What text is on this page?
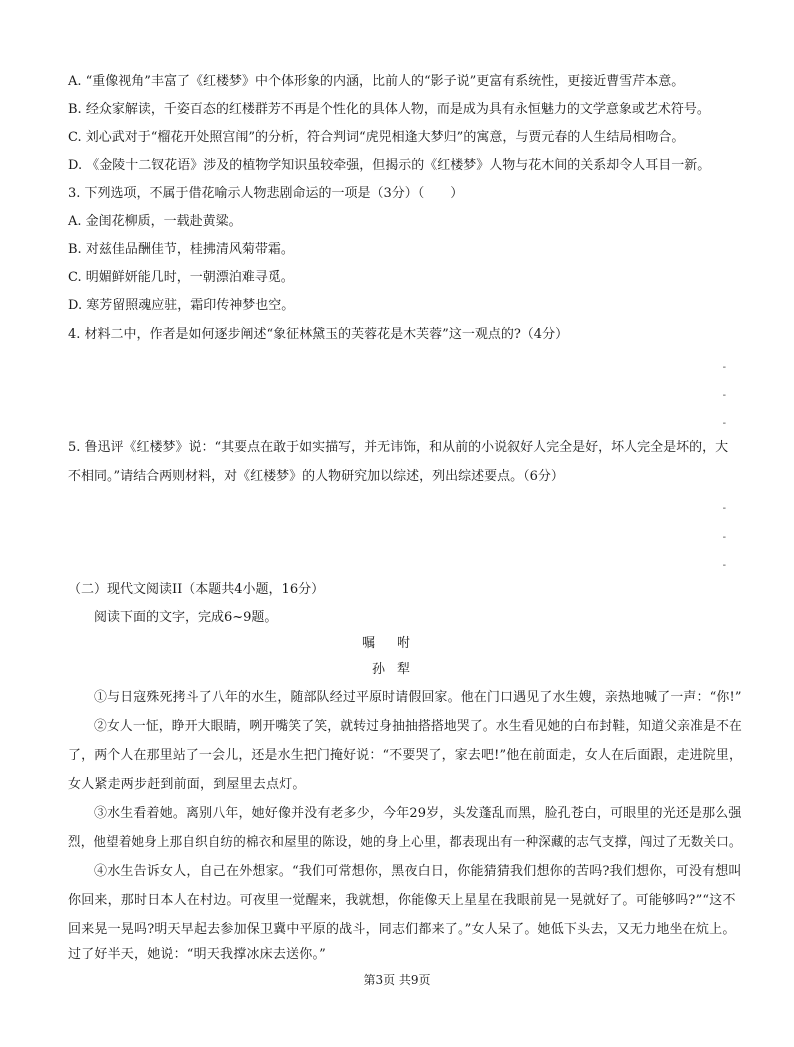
A. “重像视角”丰富了《红楼梦》中个体形象的内涵，比前人的“影子说”更富有系统性，更接近曹雪芹本意。
B. 经众家解读，千姿百态的红楼群芳不再是个性化的具体人物，而是成为具有永恒魅力的文学意象或艺术符号。
C. 刘心武对于“榴花开处照宫闱”的分析，符合判词“虎兕相逢大梦归”的寓意，与贾元春的人生结局相吻合。
D. 《金陵十二钗花语》涉及的植物学知识虽较牵强，但揭示的《红楼梦》人物与花木间的关系却令人耳目一新。
3. 下列选项，不属于借花喻示人物悲剧命运的一项是（3分）（　　）
A. 金闺花柳质，一载赴黄粱。
B. 对兹佳品酬佳节，桂拂清风菊带霜。
C. 明媚鲜妍能几时，一朝漂泊难寻觅。
D. 寒芳留照魂应驻，霜印传神梦也空。
4. 材料二中，作者是如何逐步阐述“象征林黛玉的芙蓉花是木芙蓉”这一观点的?（4分）
-
-
-
5. 鲁迅评《红楼梦》说：“其要点在敢于如实描写，并无讳饰，和从前的小说叙好人完全是好，坏人完全是坏的，大
不相同。”请结合两则材料，对《红楼梦》的人物研究加以综述，列出综述要点。（6分）
-
-
-
（二）现代文阅读II（本题共4小题，16分）
阅读下面的文字，完成6~9题。
嘱咐
孙犁
①与日寇殊死拷斗了八年的水生，随部队经过平原时请假回家。他在门口遇见了水生嫂，亲热地喊了一声：“你!”
②女人一怔，睁开大眼睛，咧开嘴笑了笑，就转过身抽抽搭搭地哭了。水生看见她的白布封鞋，知道父亲准是不在
了，两个人在那里站了一会儿，还是水生把门掩好说：“不要哭了，家去吧!”他在前面走，女人在后面跟，走进院里，
女人紧走两步赶到前面，到屋里去点灯。
③水生看着她。离别八年，她好像并没有老多少，今年29岁，头发蓬乱而黑，脸孔苍白，可眼里的光还是那么强
烈，他望着她身上那自织自纺的棉衣和屋里的陈设，她的身上心里，都表现出有一种深藏的志气支撑，闯过了无数关口。
④水生告诉女人，自己在外想家。“我们可常想你，黑夜白日，你能猜猜我们想你的苦吗?我们想你，可没有想叫
你回来，那时日本人在村边。可夜里一觉醒来，我就想，你能像天上星星在我眼前晃一晃就好了。可能够吗?”“这不
回来晃一晃吗?明天早起去参加保卫冀中平原的战斗，同志们都来了。”女人呆了。她低下头去，又无力地坐在炕上。
过了好半天，她说：“明天我撑冰床去送你。”
第3页 共9页
